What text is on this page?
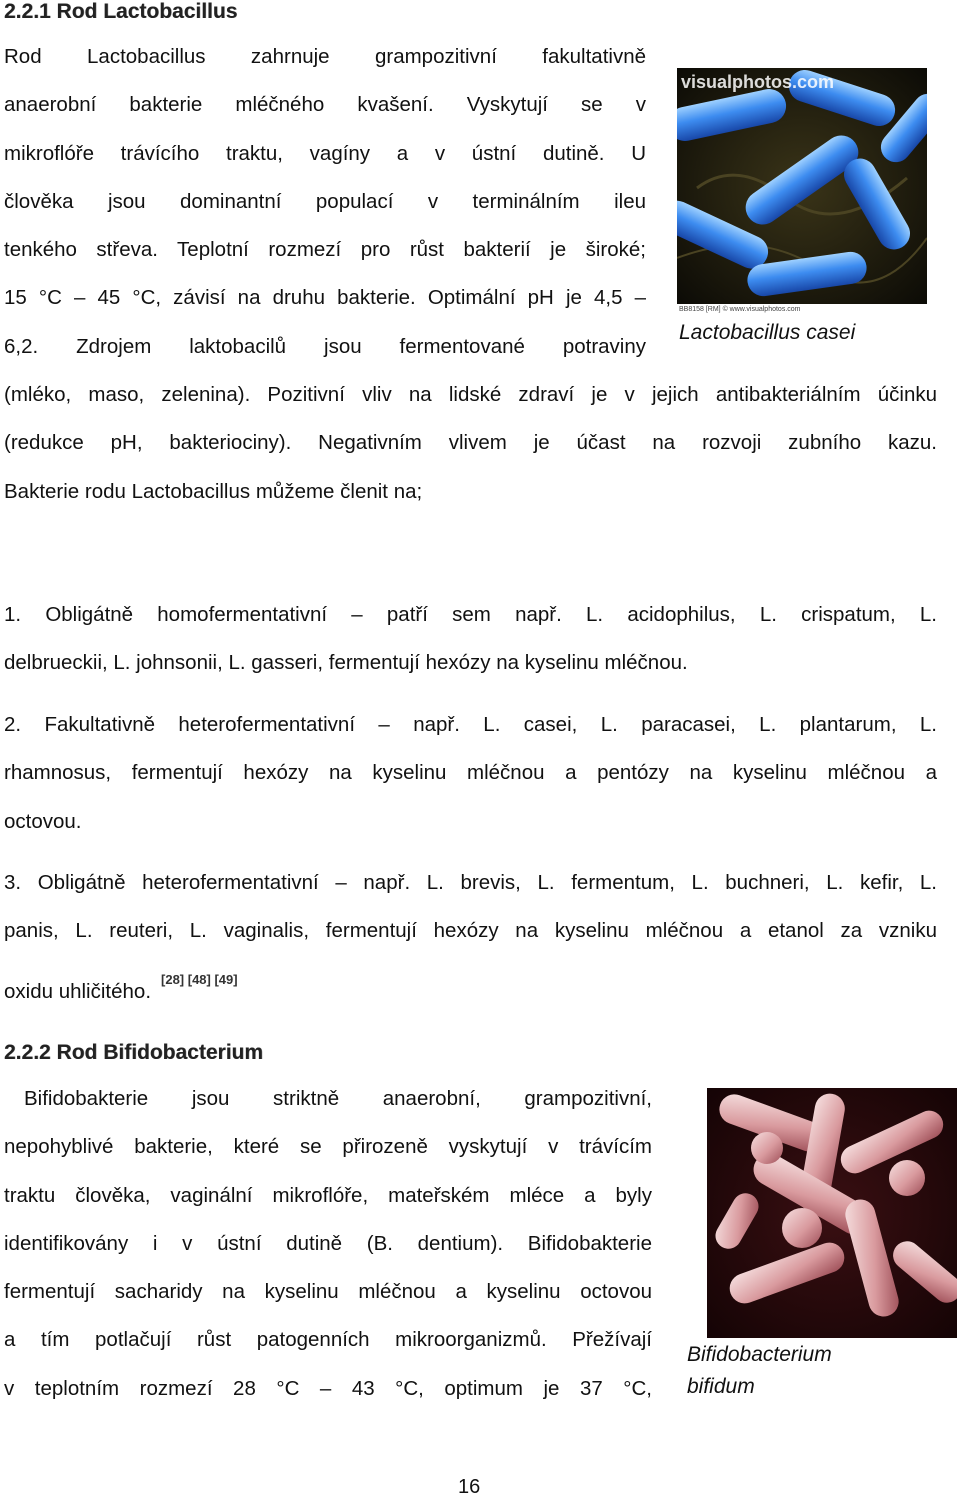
2.2.1 Rod Lactobacillus
Rod Lactobacillus zahrnuje grampozitivní fakultativně
anaerobní bakterie mléčného kvašení. Vyskytují se v
mikroflóře trávícího traktu, vagíny a v ústní dutině. U
člověka jsou dominantní populací v terminálním ileu
tenkého střeva. Teplotní rozmezí pro růst bakterií je široké;
15 °C – 45 °C, závisí na druhu bakterie. Optimální pH je 4,5 –
6,2. Zdrojem laktobacilů jsou fermentované potraviny
visualphotos.com
BB8158 [RM] © www.visualphotos.com
Lactobacillus casei
(mléko, maso, zelenina). Pozitivní vliv na lidské zdraví je v jejich antibakteriálním účinku
(redukce pH, bakteriociny). Negativním vlivem je účast na rozvoji zubního kazu.
Bakterie rodu Lactobacillus můžeme členit na;
1. Obligátně homofermentativní – patří sem např. L. acidophilus, L. crispatum, L.
delbrueckii, L. johnsonii, L. gasseri, fermentují hexózy na kyselinu mléčnou.
2. Fakultativně heterofermentativní – např. L. casei, L. paracasei, L. plantarum, L.
rhamnosus, fermentují hexózy na kyselinu mléčnou a pentózy na kyselinu mléčnou a
octovou.
3. Obligátně heterofermentativní – např. L. brevis, L. fermentum, L. buchneri, L. kefir, L.
panis, L. reuteri, L. vaginalis, fermentují hexózy na kyselinu mléčnou a etanol za vzniku
oxidu uhličitého.[28] [48] [49]
2.2.2 Rod Bifidobacterium
Bifidobakterie jsou striktně anaerobní, grampozitivní,
nepohyblivé bakterie, které se přirozeně vyskytují v trávícím
traktu člověka, vaginální mikroflóře, mateřském mléce a byly
identifikovány i v ústní dutině (B. dentium). Bifidobakterie
fermentují sacharidy na kyselinu mléčnou a kyselinu octovou
a tím potlačují růst patogenních mikroorganizmů. Přežívají
v teplotním rozmezí 28 °C – 43 °C, optimum je 37 °C,
Bifidobacterium
bifidum
16
